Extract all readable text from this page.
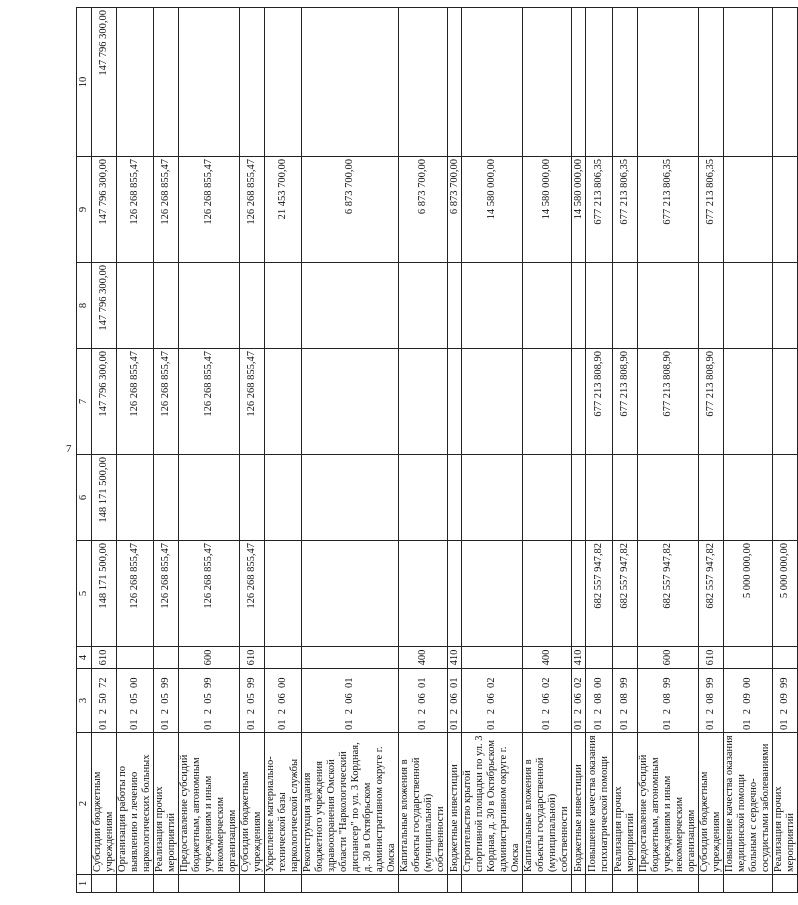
7
1	2	3	4	5	6	7	8	9	10
	Субсидии бюджетным учреждениям	01  2  50  72	610	148 171 500,00	148 171 500,00	147 796 300,00	147 796 300,00	147 796 300,00	147 796 300,00
	Организация работы по выявлению и лечению наркологических больных	01  2  05  00		126 268 855,47		126 268 855,47		126 268 855,47	
	Реализация прочих мероприятий	01  2  05  99		126 268 855,47		126 268 855,47		126 268 855,47	
	Предоставление субсидий бюджетным, автономным учреждениям и иным некоммерческим организациям	01  2  05  99	600	126 268 855,47		126 268 855,47		126 268 855,47	
	Субсидии бюджетным учреждениям	01  2  05  99	610	126 268 855,47		126 268 855,47		126 268 855,47	
	Укрепление материально-технической базы наркологической службы	01  2  06  00						21 453 700,00	
	Реконструкция здания бюджетного учреждения здравоохранения Омской области "Наркологический диспансер" по ул. 3 Кордная, д. 30 в Октябрьском административном округе г. Омска	01  2  06  01						6 873 700,00	
	Капитальные вложения в объекты государственной (муниципальной) собственности	01  2  06  01	400					6 873 700,00	
	Бюджетные инвестиции	01  2  06  01	410					6 873 700,00	
	Строительство крытой спортивной площадки по ул. 3 Кордная, д. 30 в Октябрьском административном округе г. Омска	01  2  06  02						14 580 000,00	
	Капитальные вложения в объекты государственной (муниципальной) собственности	01  2  06  02	400					14 580 000,00	
	Бюджетные инвестиции	01  2  06  02	410					14 580 000,00	
	Повышение качества оказания психиатрической помощи	01  2  08  00		682 557 947,82		677 213 808,90		677 213 806,35	
	Реализация прочих мероприятий	01  2  08  99		682 557 947,82		677 213 808,90		677 213 806,35	
	Предоставление субсидий бюджетным, автономным учреждениям и иным некоммерческим организациям	01  2  08  99	600	682 557 947,82		677 213 808,90		677 213 806,35	
	Субсидии бюджетным учреждениям	01  2  08  99	610	682 557 947,82		677 213 808,90		677 213 806,35	
	Повышение качества оказания медицинской помощи больным с сердечно-сосудистыми заболеваниями	01  2  09  00		5 000 000,00					
	Реализация прочих мероприятий	01  2  09  99		5 000 000,00					
